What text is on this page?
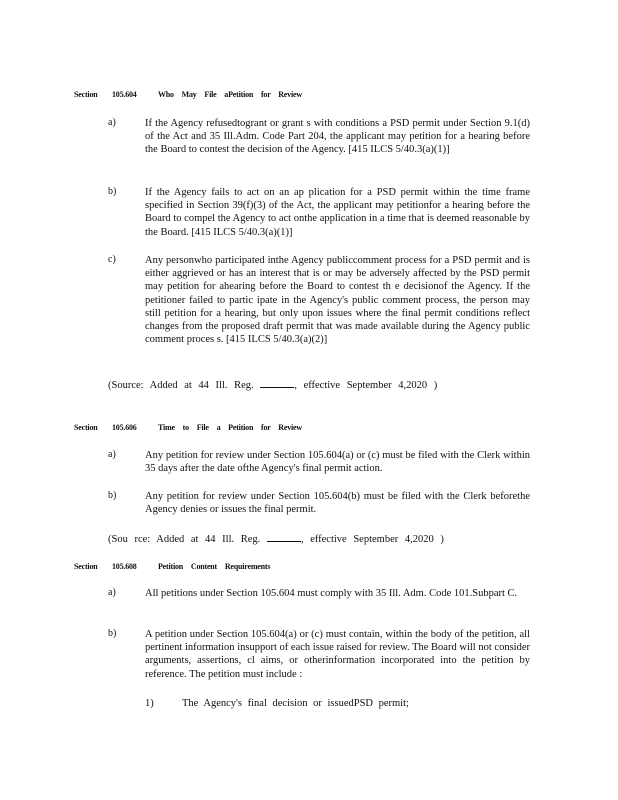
Section 105.604	Who May File aPetition for Review
a)	If the Agency refusedtogrant or grant s with conditions a PSD permit under Section 9.1(d) of the Act and 35 Ill.Adm. Code Part 204, the applicant may petition for a hearing before the Board to contest the decision of the Agency. [415 ILCS 5/40.3(a)(1)]
b)	If the Agency fails to act on an ap plication for a PSD permit within the time frame specified in Section 39(f)(3) of the Act, the applicant may petitionfor a hearing before the Board to compel the Agency to act onthe application in a time that is deemed reasonable by the Board. [415 ILCS 5/40.3(a)(1)]
c)	Any personwho participated inthe Agency publiccomment process for a PSD permit and is either aggrieved or has an interest that is or may be adversely affected by the PSD permit may petition for ahearing before the Board to contest th e decisionof the Agency. If the petitioner failed to partic ipate in the Agency's public comment process, the person may still petition for a hearing, but only upon issues where the final permit conditions reflect changes from the proposed draft permit that was made available during the Agency public comment proces s. [415 ILCS 5/40.3(a)(2)]
(Source: Added at 44 Ill. Reg.	, effective September 4,2020 )
Section 105.606	Time to File a Petition for Review
a)	Any petition for review under Section 105.604(a) or (c) must be filed with the Clerk within 35 days after the date ofthe Agency's final permit action.
b)	Any petition for review under Section 105.604(b) must be filed with the Clerk beforethe Agency denies or issues the final permit.
(Sou rce: Added at 44 Ill. Reg.	, effective September 4,2020 )
Section 105.608	Petition Content Requirements
a)	All petitions under Section 105.604 must comply with 35 Ill. Adm. Code 101.Subpart C.
b)	A petition under Section 105.604(a) or (c) must contain, within the body of the petition, all pertinent information insupport of each issue raised for review. The Board will not consider arguments, assertions, cl aims, or otherinformation incorporated into the petition by reference. The petition must include :
1)	The Agency's final decision or issuedPSD permit;
